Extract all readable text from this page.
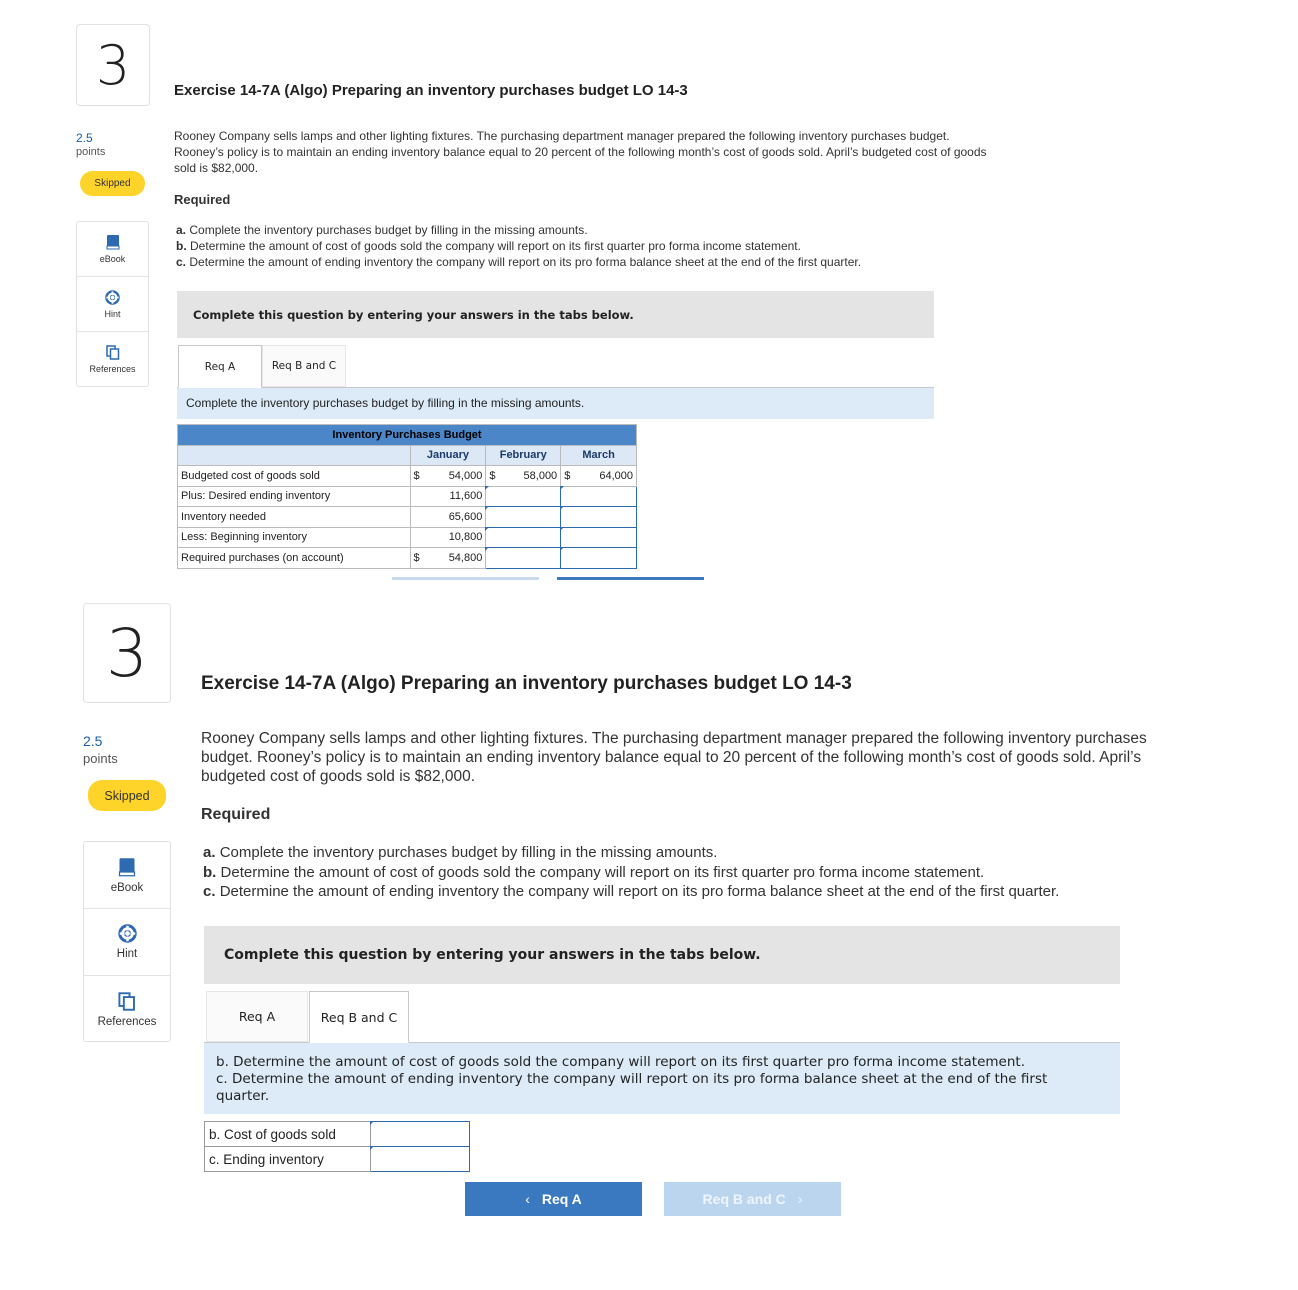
3
2.5
points
Skipped
eBook
Hint
References
Exercise 14-7A (Algo) Preparing an inventory purchases budget LO 14-3
Rooney Company sells lamps and other lighting fixtures. The purchasing department manager prepared the following inventory purchases budget. Rooney’s policy is to maintain an ending inventory balance equal to 20 percent of the following month’s cost of goods sold. April’s budgeted cost of goods sold is $82,000.
Required
a. Complete the inventory purchases budget by filling in the missing amounts.
b. Determine the amount of cost of goods sold the company will report on its first quarter pro forma income statement.
c. Determine the amount of ending inventory the company will report on its pro forma balance sheet at the end of the first quarter.
Complete this question by entering your answers in the tabs below.
Req A	Req B and C
Complete the inventory purchases budget by filling in the missing amounts.
Inventory Purchases Budget			
	January	February	March
Budgeted cost of goods sold	$ 54,000	$ 58,000	$ 64,000

Plus: Desired ending inventory	11,600		

Inventory needed	65,600		

Less: Beginning inventory	10,800		

Required purchases (on account)	$ 54,800		

3
2.5
points
Skipped
eBook
Hint
References
Exercise 14-7A (Algo) Preparing an inventory purchases budget LO 14-3
Rooney Company sells lamps and other lighting fixtures. The purchasing department manager prepared the following inventory purchases budget. Rooney’s policy is to maintain an ending inventory balance equal to 20 percent of the following month’s cost of goods sold. April’s budgeted cost of goods sold is $82,000.
Required
a. Complete the inventory purchases budget by filling in the missing amounts.
b. Determine the amount of cost of goods sold the company will report on its first quarter pro forma income statement.
c. Determine the amount of ending inventory the company will report on its pro forma balance sheet at the end of the first quarter.
Complete this question by entering your answers in the tabs below.
Req A	Req B and C
b. Determine the amount of cost of goods sold the company will report on its first quarter pro forma income statement.
c. Determine the amount of ending inventory the company will report on its pro forma balance sheet at the end of the first quarter.
b. Cost of goods sold	
c. Ending inventory	
‹ Req A	Req B and C ›
